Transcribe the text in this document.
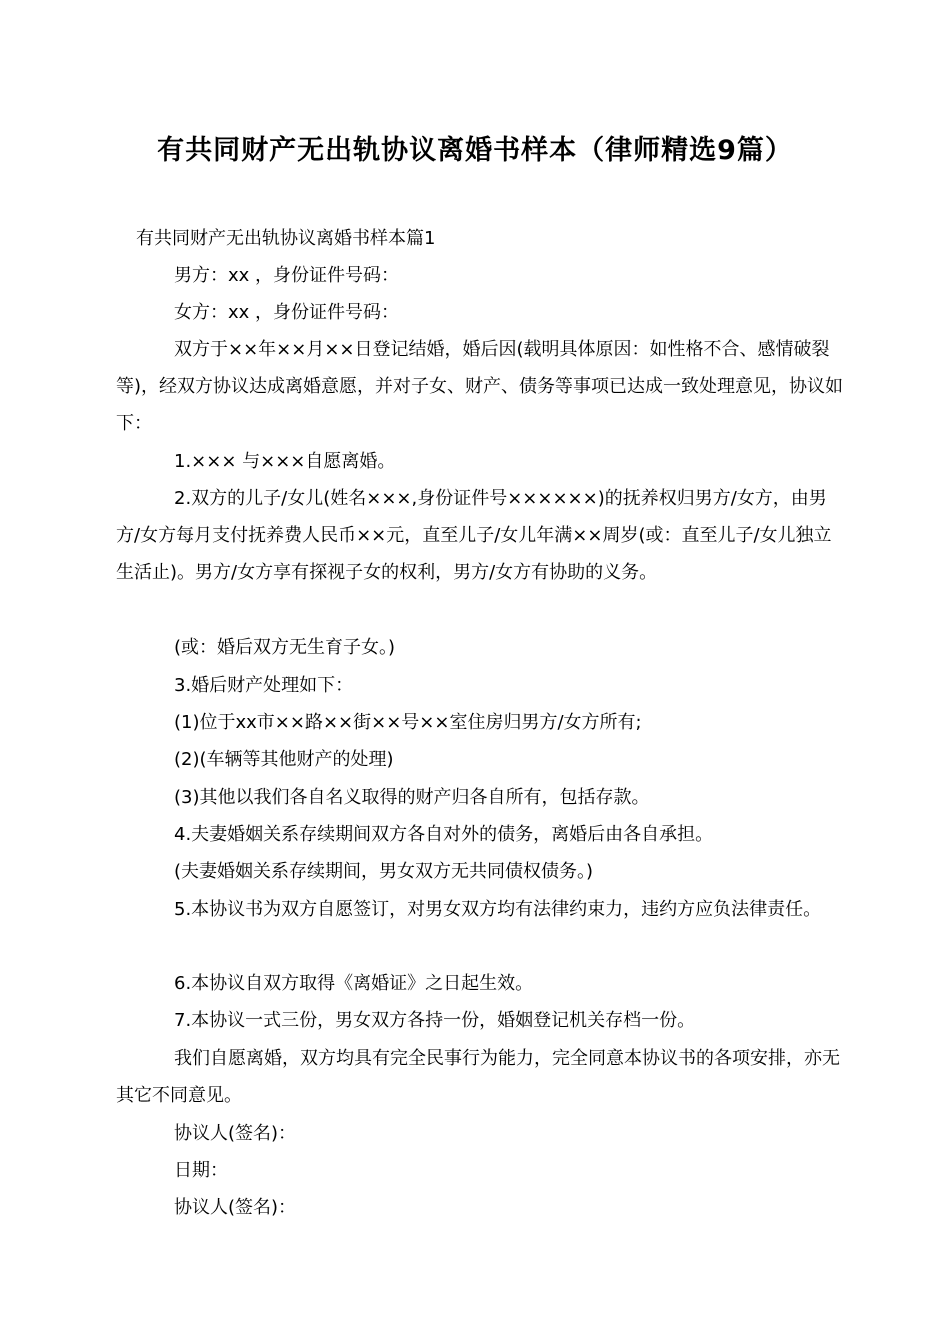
有共同财产无出轨协议离婚书样本（律师精选9篇）

有共同财产无出轨协议离婚书样本篇1

男方：xx ，身份证件号码：

女方：xx ，身份证件号码：

双方于××年××月××日登记结婚，婚后因(载明具体原因：如性格不合、感情破裂等)，经双方协议达成离婚意愿，并对子女、财产、债务等事项已达成一致处理意见，协议如下：

1.××× 与×××自愿离婚。

2.双方的儿子/女儿(姓名×××,身份证件号××××××)的抚养权归男方/女方，由男方/女方每月支付抚养费人民币××元，直至儿子/女儿年满××周岁(或：直至儿子/女儿独立生活止)。男方/女方享有探视子女的权利，男方/女方有协助的义务。

(或：婚后双方无生育子女。)

3.婚后财产处理如下：

(1)位于xx市××路××街××号××室住房归男方/女方所有;

(2)(车辆等其他财产的处理)

(3)其他以我们各自名义取得的财产归各自所有，包括存款。

4.夫妻婚姻关系存续期间双方各自对外的债务，离婚后由各自承担。

(夫妻婚姻关系存续期间，男女双方无共同债权债务。)

5.本协议书为双方自愿签订，对男女双方均有法律约束力，违约方应负法律责任。

6.本协议自双方取得《离婚证》之日起生效。

7.本协议一式三份，男女双方各持一份，婚姻登记机关存档一份。

我们自愿离婚，双方均具有完全民事行为能力，完全同意本协议书的各项安排，亦无其它不同意见。

协议人(签名)：

日期：

协议人(签名)：
